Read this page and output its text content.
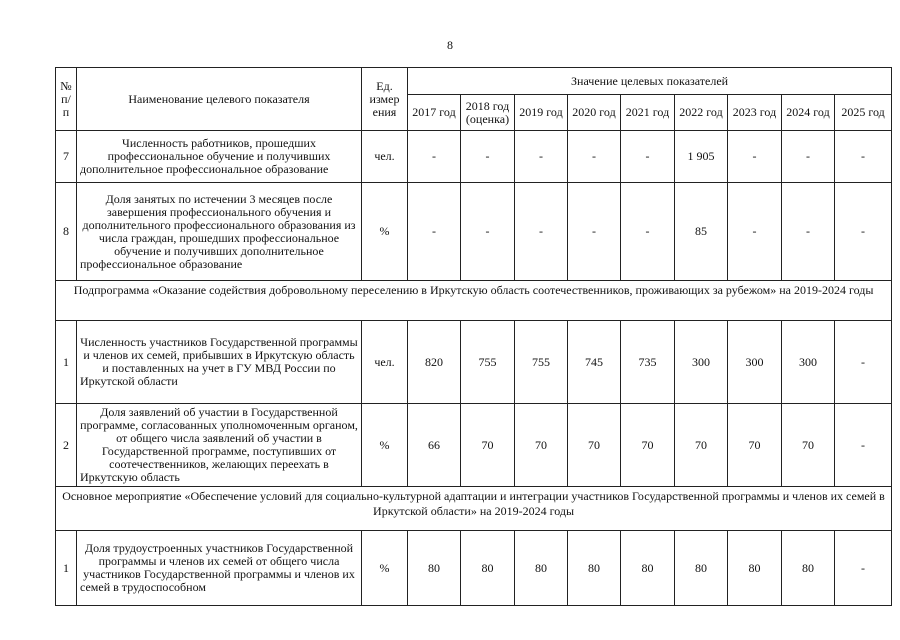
8
№ п/п	Наименование целевого показателя	Ед. измер ения	Значение целевых показателей								
			2017 год	2018 год (оценка)	2019 год	2020 год	2021 год	2022 год	2023 год	2024 год	2025 год
7	Численность работников, прошедших профессиональное обучение и получивших дополнительное профессиональное образование	чел.	-	-	-	-	-	1 905	-	-	-
8	Доля занятых по истечении 3 месяцев после завершения профессионального обучения и дополнительного профессионального образования из числа граждан, прошедших профессиональное обучение и получивших дополнительное профессиональное образование	%	-	-	-	-	-	85	-	-	-
Подпрограмма «Оказание содействия добровольному переселению в Иркутскую область соотечественников, проживающих за рубежом» на 2019-2024 годы											
1	Численность участников Государственной программы и членов их семей, прибывших в Иркутскую область и поставленных на учет в ГУ МВД России по Иркутской области	чел.	820	755	755	745	735	300	300	300	-
2	Доля заявлений об участии в Государственной программе, согласованных уполномоченным органом, от общего числа заявлений об участии в Государственной программе, поступивших от соотечественников, желающих переехать в Иркутскую область	%	66	70	70	70	70	70	70	70	-
Основное мероприятие «Обеспечение условий для социально-культурной адаптации и интеграции участников Государственной программы и членов их семей в Иркутской области» на 2019-2024 годы											
1	Доля трудоустроенных участников Государственной программы и членов их семей от общего числа участников Государственной программы и членов их семей в трудоспособном	%	80	80	80	80	80	80	80	80	-
